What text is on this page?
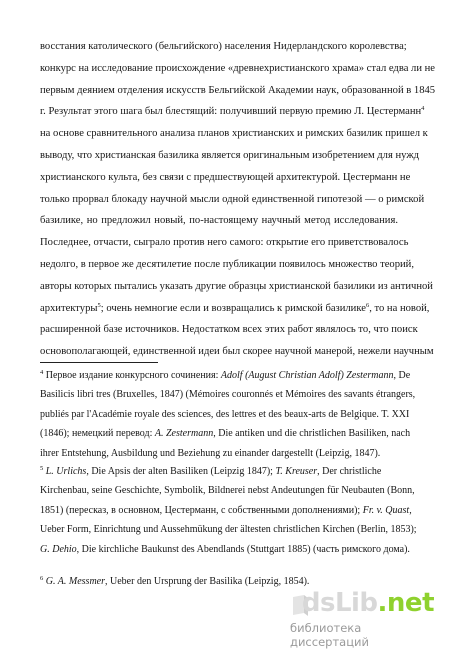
восстания католического (бельгийского) населения Нидерландского королевства;
конкурс на исследование происхождение «древнехристианского храма» стал едва ли не
первым деянием отделения искусств Бельгийской Академии наук, образованной в 1845
г. Результат этого шага был блестящий: получивший первую премию Л. Цестерманн$^4$
на основе сравнительного анализа планов христианских и римских базилик пришел к
выводу, что христианская базилика является оригинальным изобретением для нужд
христианского культа, без связи с предшествующей архитектурой. Цестерманн не
только прорвал блокаду научной мысли одной единственной гипотезой — о римской
базилике, но предложил новый, по-настоящему научный метод исследования.
Последнее, отчасти, сыграло против него самого: открытие его приветствовалось
недолго, в первое же десятилетие после публикации появилось множество теорий,
авторы которых пытались указать другие образцы христианской базилики из античной
архитектуры$^5$; очень немногие если и возвращались к римской базилике$^6$, то на новой,
расширенной базе источников. Недостатком всех этих работ являлось то, что поиск
основополагающей, единственной идеи был скорее научной манерой, нежели научным
$^4$ Первое издание конкурсного сочинения: Adolf (August Christian Adolf) Zestermann, De
Basilicis libri tres (Bruxelles, 1847) (Mémoires couronnés et Mémoires des savants étrangers,
publiés par l'Académie royale des sciences, des lettres et des beaux-arts de Belgique. T. XXI
(1846); немецкий перевод: A. Zestermann, Die antiken und die christlichen Basiliken, nach
ihrer Entstehung, Ausbildung und Beziehung zu einander dargestellt (Leipzig, 1847).
$^5$ L. Urlichs, Die Apsis der alten Basiliken (Leipzig 1847); T. Kreuser, Der christliche
Kirchenbau, seine Geschichte, Symbolik, Bildnerei nebst Andeutungen für Neubauten (Bonn,
1851) (пересказ, в основном, Цестерманн, с собственными дополнениями); Fr. v. Quast,
Ueber Form, Einrichtung und Aussehmükung der ältesten christlichen Kirchen (Berlin, 1853);
G. Dehio, Die kirchliche Baukunst des Abendlands (Stuttgart 1885) (часть римского дома).
$^6$ G. A. Messmer, Ueber den Ursprung der Basilika (Leipzig, 1854).
dsLib.net
библиотека диссертаций
